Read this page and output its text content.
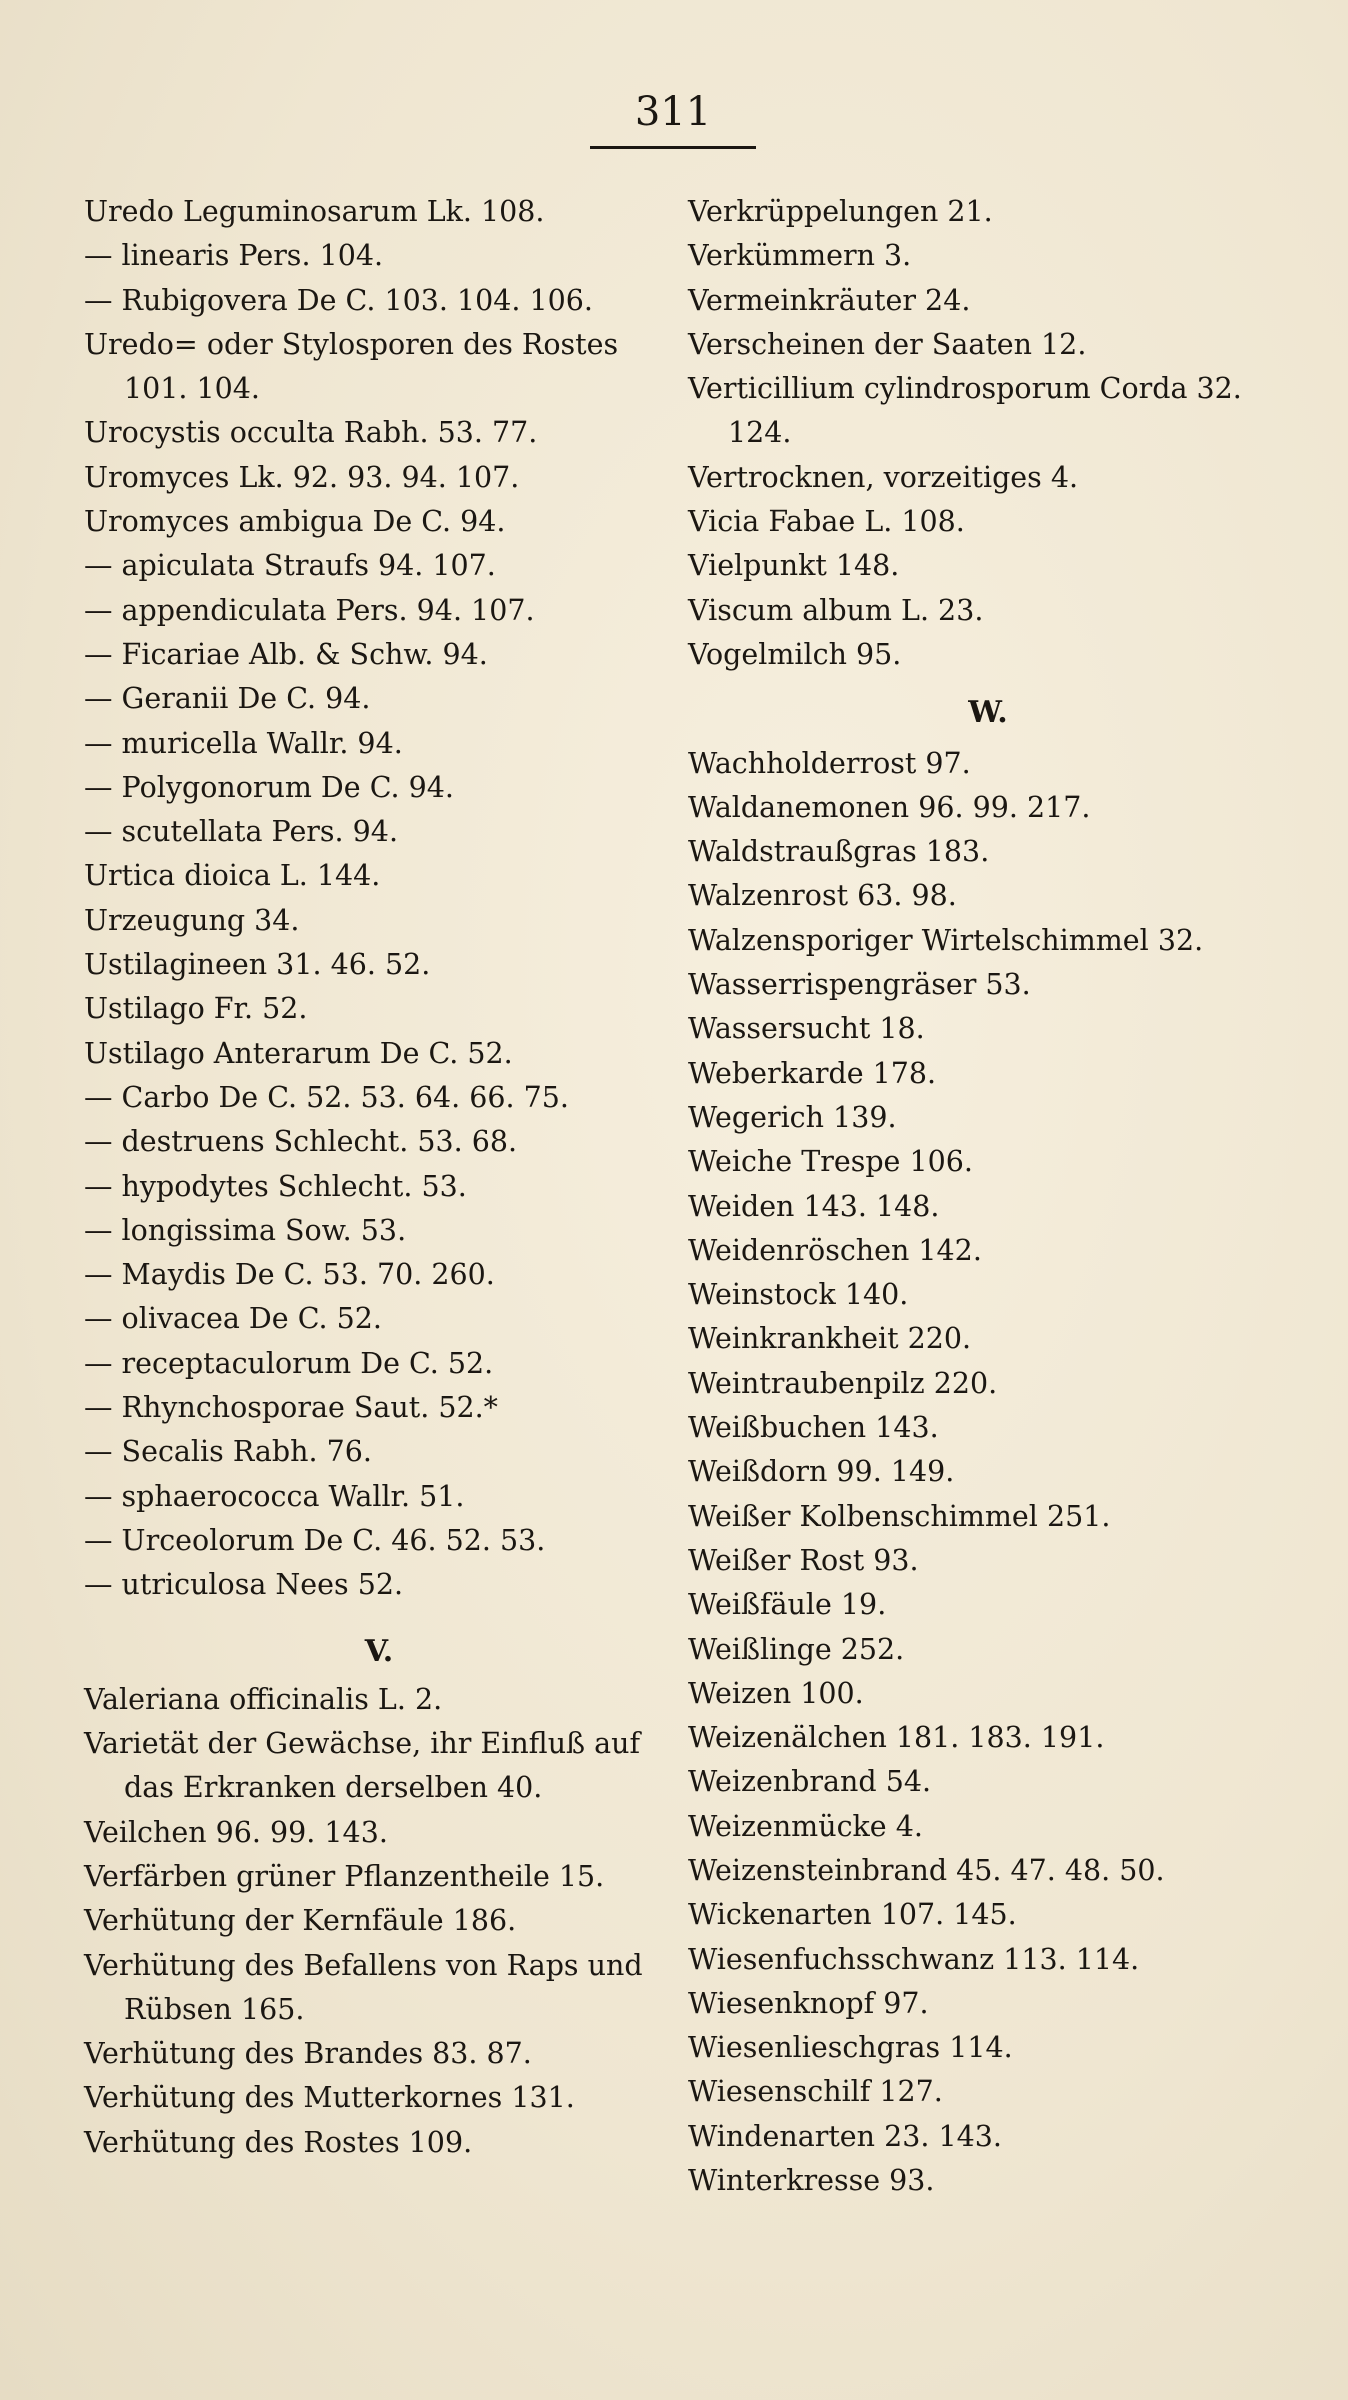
311
Uredo Leguminosarum Lk. 108.
— linearis Pers. 104.
— Rubigovera De C. 103. 104. 106.
Uredo= oder Stylosporen des Rostes 101. 104.
Urocystis occulta Rabh. 53. 77.
Uromyces Lk. 92. 93. 94. 107.
Uromyces ambigua De C. 94.
— apiculata Straufs 94. 107.
— appendiculata Pers. 94. 107.
— Ficariae Alb. & Schw. 94.
— Geranii De C. 94.
— muricella Wallr. 94.
— Polygonorum De C. 94.
— scutellata Pers. 94.
Urtica dioica L. 144.
Urzeugung 34.
Ustilagineen 31. 46. 52.
Ustilago Fr. 52.
Ustilago Anterarum De C. 52.
— Carbo De C. 52. 53. 64. 66. 75.
— destruens Schlecht. 53. 68.
— hypodytes Schlecht. 53.
— longissima Sow. 53.
— Maydis De C. 53. 70. 260.
— olivacea De C. 52.
— receptaculorum De C. 52.
— Rhynchosporae Saut. 52.*
— Secalis Rabh. 76.
— sphaerococca Wallr. 51.
— Urceolorum De C. 46. 52. 53.
— utriculosa Nees 52.
V.
Valeriana officinalis L. 2.
Varietät der Gewächse, ihr Einfluß auf das Erkranken derselben 40.
Veilchen 96. 99. 143.
Verfärben grüner Pflanzentheile 15.
Verhütung der Kernfäule 186.
Verhütung des Befallens von Raps und Rübsen 165.
Verhütung des Brandes 83. 87.
Verhütung des Mutterkornes 131.
Verhütung des Rostes 109.
Verkrüppelungen 21.
Verkümmern 3.
Vermeinkräuter 24.
Verscheinen der Saaten 12.
Verticillium cylindrosporum Corda 32. 124.
Vertrocknen, vorzeitiges 4.
Vicia Fabae L. 108.
Vielpunkt 148.
Viscum album L. 23.
Vogelmilch 95.
W.
Wachholderrost 97.
Waldanemonen 96. 99. 217.
Waldstraußgras 183.
Walzenrost 63. 98.
Walzensporiger Wirtelschimmel 32.
Wasserrispengräser 53.
Wassersucht 18.
Weberkarde 178.
Wegerich 139.
Weiche Trespe 106.
Weiden 143. 148.
Weidenröschen 142.
Weinstock 140.
Weinkrankheit 220.
Weintraubenpilz 220.
Weißbuchen 143.
Weißdorn 99. 149.
Weißer Kolbenschimmel 251.
Weißer Rost 93.
Weißfäule 19.
Weißlinge 252.
Weizen 100.
Weizenälchen 181. 183. 191.
Weizenbrand 54.
Weizenmücke 4.
Weizensteinbrand 45. 47. 48. 50.
Wickenarten 107. 145.
Wiesenfuchsschwanz 113. 114.
Wiesenknopf 97.
Wiesenlieschgras 114.
Wiesenschilf 127.
Windenarten 23. 143.
Winterkresse 93.
